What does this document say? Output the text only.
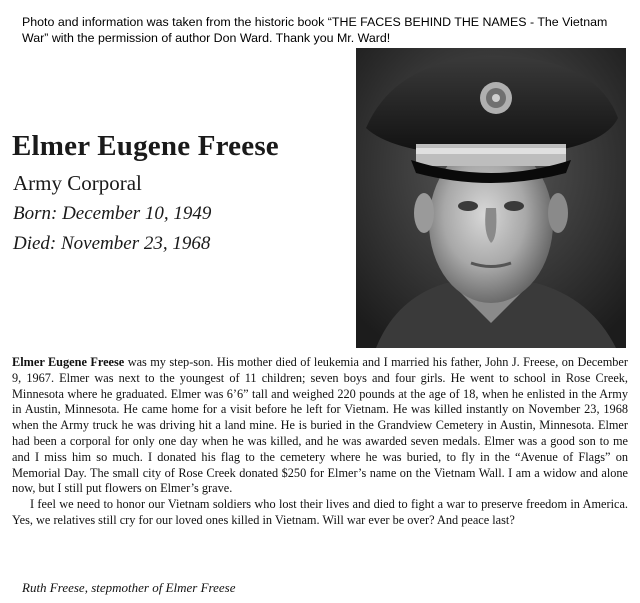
Photo and information was taken from the historic book “THE FACES BEHIND THE NAMES - The Vietnam War” with the permission of author Don Ward. Thank you Mr. Ward!
Elmer Eugene Freese
Army Corporal
Born: December 10, 1949
Died: November 23, 1968

Elmer Eugene Freese was my step-son. His mother died of leukemia and I married his father, John J. Freese, on December 9, 1967. Elmer was next to the youngest of 11 children; seven boys and four girls. He went to school in Rose Creek, Minnesota where he graduated. Elmer was 6’6” tall and weighed 220 pounds at the age of 18, when he enlisted in the Army in Austin, Minnesota. He came home for a visit before he left for Vietnam. He was killed instantly on November 23, 1968 when the Army truck he was driving hit a land mine. He is buried in the Grandview Cemetery in Austin, Minnesota. Elmer had been a corporal for only one day when he was killed, and he was awarded seven medals. Elmer was a good son to me and I miss him so much. I donated his flag to the cemetery where he was buried, to fly in the “Avenue of Flags” on Memorial Day. The small city of Rose Creek donated $250 for Elmer’s name on the Vietnam Wall. I am a widow and alone now, but I still put flowers on Elmer’s grave.

I feel we need to honor our Vietnam soldiers who lost their lives and died to fight a war to preserve freedom in America. Yes, we relatives still cry for our loved ones killed in Vietnam. Will war ever be over? And peace last?

Ruth Freese, stepmother of Elmer Freese
